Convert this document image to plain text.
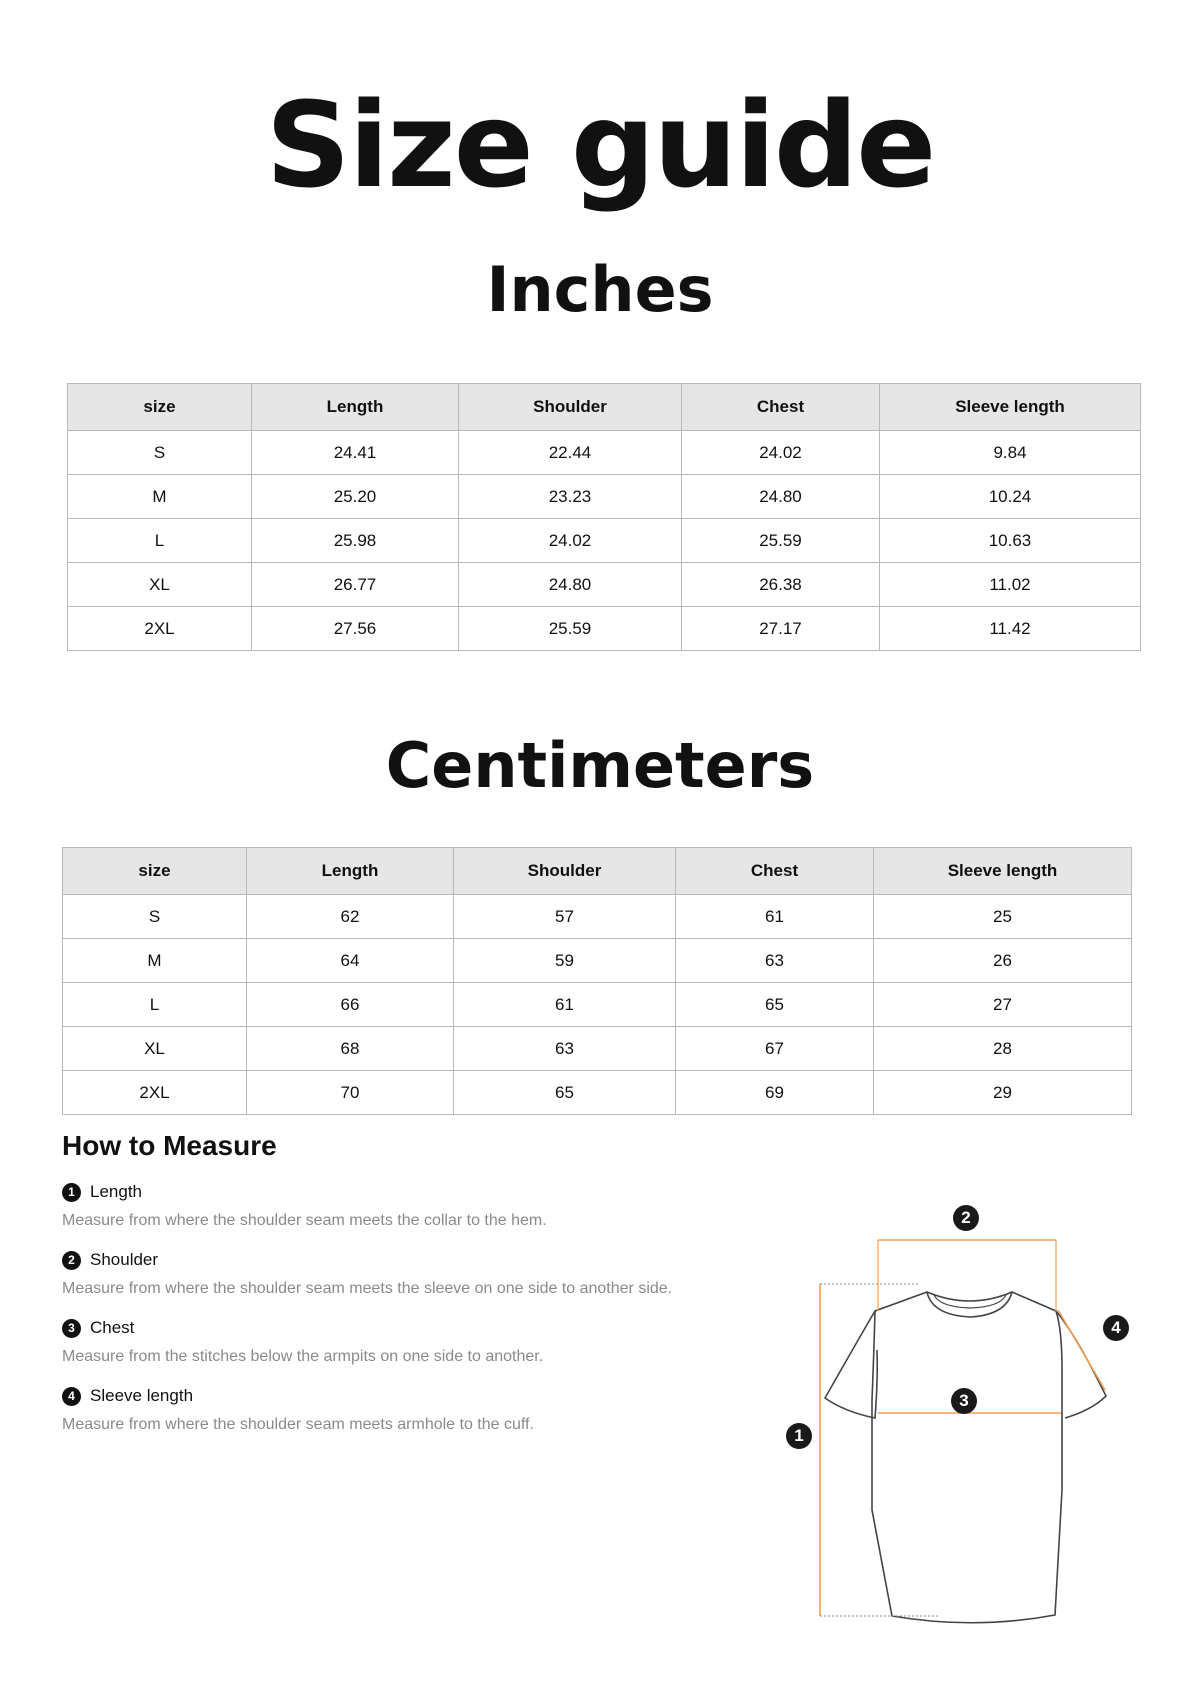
Size guide
Inches
size	Length	Shoulder	Chest	Sleeve length
S	24.41	22.44	24.02	9.84
M	25.20	23.23	24.80	10.24
L	25.98	24.02	25.59	10.63
XL	26.77	24.80	26.38	11.02
2XL	27.56	25.59	27.17	11.42
Centimeters
size	Length	Shoulder	Chest	Sleeve length
S	62	57	61	25
M	64	59	63	26
L	66	61	65	27
XL	68	63	67	28
2XL	70	65	69	29
How to Measure
1 Length
Measure from where the shoulder seam meets the collar to the hem.
2 Shoulder
Measure from where the shoulder seam meets the sleeve on one side to another side.
3 Chest
Measure from the stitches below the armpits on one side to another.
4 Sleeve length
Measure from where the shoulder seam meets armhole to the cuff.
2
3
1
4
